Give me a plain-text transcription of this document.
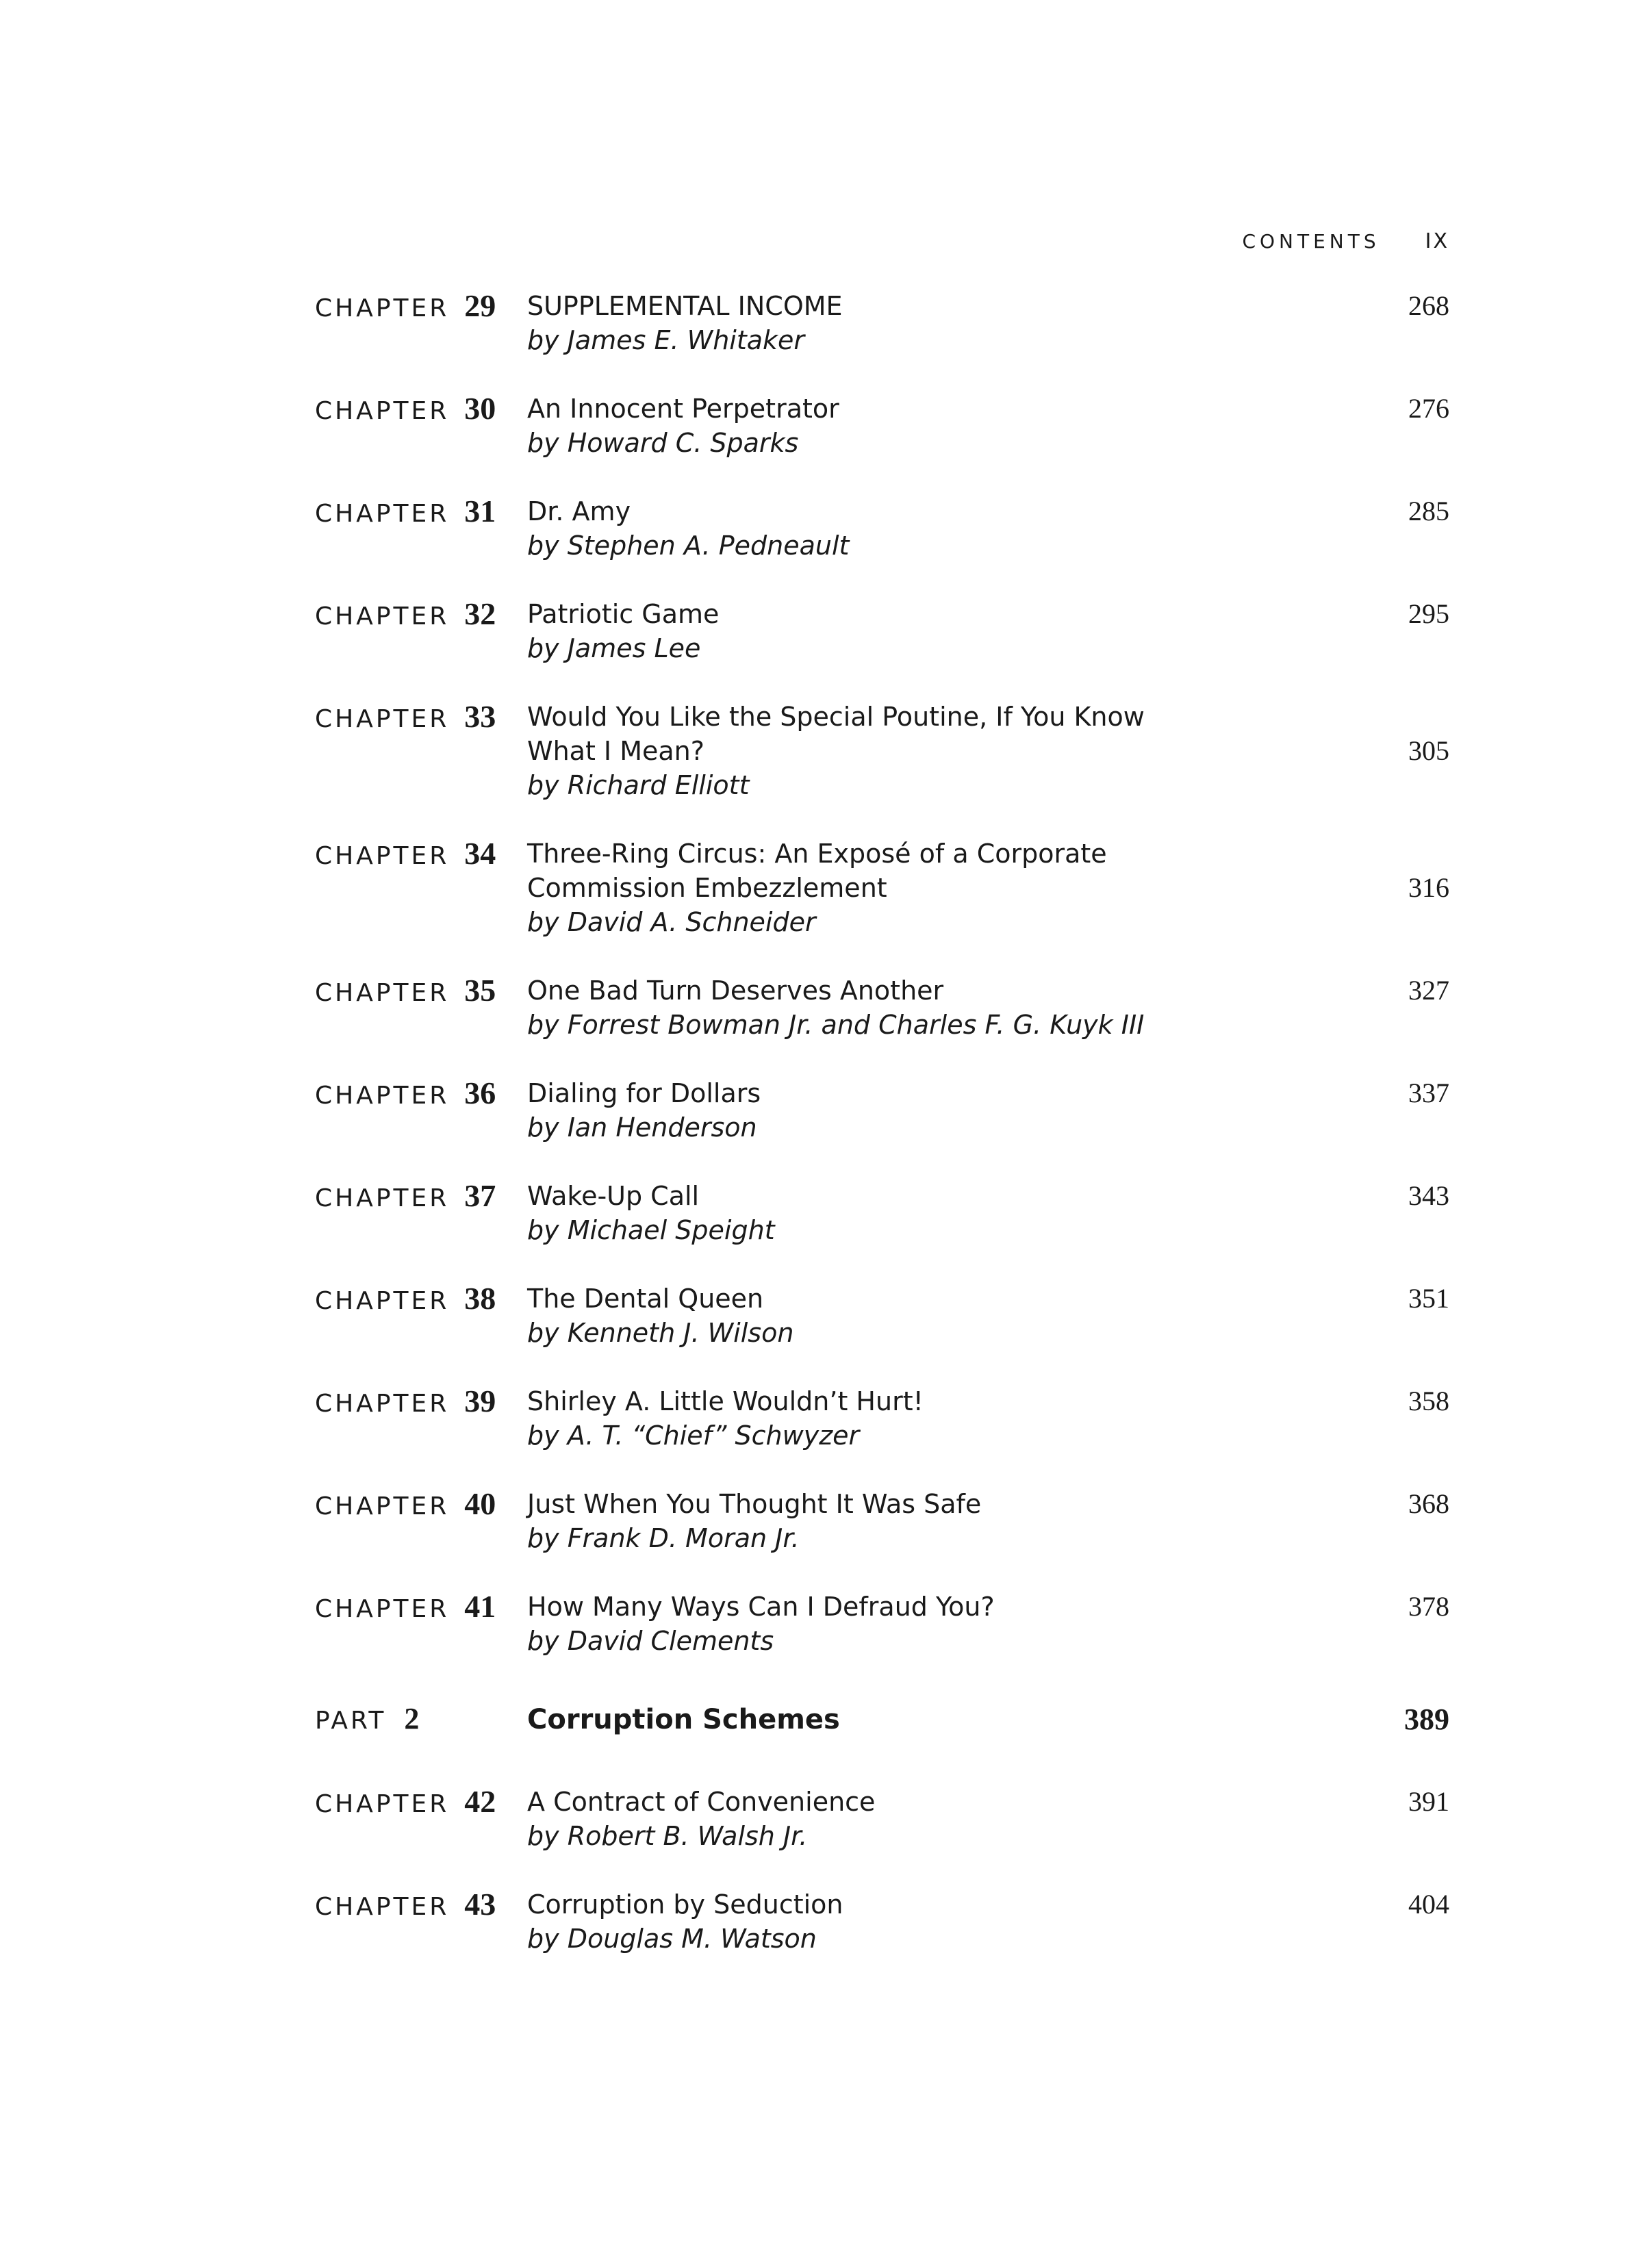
CONTENTS IX
CHAPTER 29 SUPPLEMENTAL INCOME
by James E. Whitaker
268
CHAPTER 30 An Innocent Perpetrator
by Howard C. Sparks
276
CHAPTER 31 Dr. Amy
by Stephen A. Pedneault
285
CHAPTER 32 Patriotic Game
by James Lee
295
CHAPTER 33 Would You Like the Special Poutine, If You Know
What I Mean?
by Richard Elliott
305
CHAPTER 34 Three-Ring Circus: An Exposé of a Corporate
Commission Embezzlement
by David A. Schneider
316
CHAPTER 35 One Bad Turn Deserves Another
by Forrest Bowman Jr. and Charles F. G. Kuyk III
327
CHAPTER 36 Dialing for Dollars
by Ian Henderson
337
CHAPTER 37 Wake-Up Call
by Michael Speight
343
CHAPTER 38 The Dental Queen
by Kenneth J. Wilson
351
CHAPTER 39 Shirley A. Little Wouldn’t Hurt!
by A. T. “Chief” Schwyzer
358
CHAPTER 40 Just When You Thought It Was Safe
by Frank D. Moran Jr.
368
CHAPTER 41 How Many Ways Can I Defraud You?
by David Clements
378
PART 2	Corruption Schemes	389
CHAPTER 42 A Contract of Convenience
by Robert B. Walsh Jr.
391
CHAPTER 43 Corruption by Seduction
by Douglas M. Watson
404
